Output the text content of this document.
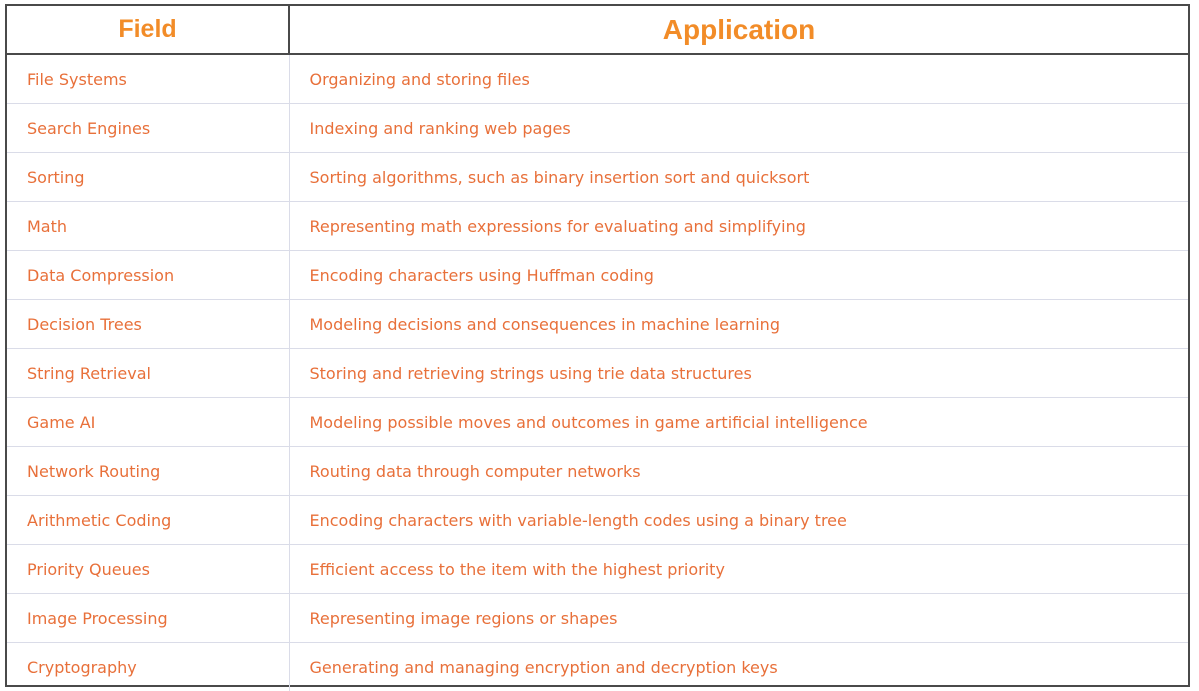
Field	Application
File Systems	Organizing and storing files
Search Engines	Indexing and ranking web pages
Sorting	Sorting algorithms, such as binary insertion sort and quicksort
Math	Representing math expressions for evaluating and simplifying
Data Compression	Encoding characters using Huffman coding
Decision Trees	Modeling decisions and consequences in machine learning
String Retrieval	Storing and retrieving strings using trie data structures
Game AI	Modeling possible moves and outcomes in game artificial intelligence
Network Routing	Routing data through computer networks
Arithmetic Coding	Encoding characters with variable-length codes using a binary tree
Priority Queues	Efficient access to the item with the highest priority
Image Processing	Representing image regions or shapes
Cryptography	Generating and managing encryption and decryption keys
